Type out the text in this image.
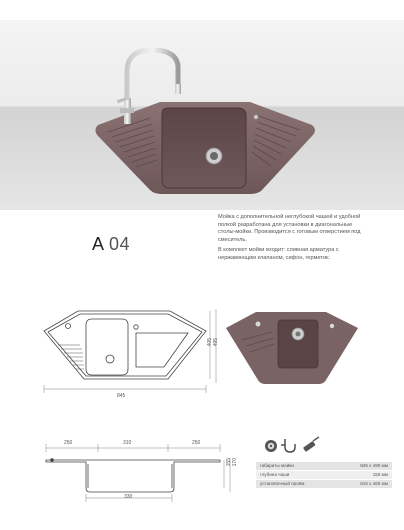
A 04

Мойка с дополнительной неглубокой чашей и удобной полкой разработана для установки в диагональные столы-мойки. Производится с готовым отверстием под смеситель.

В комплект мойки входит: сливная арматура с нержавеющим клапаном, сифон, герметик.

845
405 495
250	310	250
330
155 170	габариты мойки	845 х 495 мм
глубина чаши	155 мм
установочный проём	815 х 465 мм
